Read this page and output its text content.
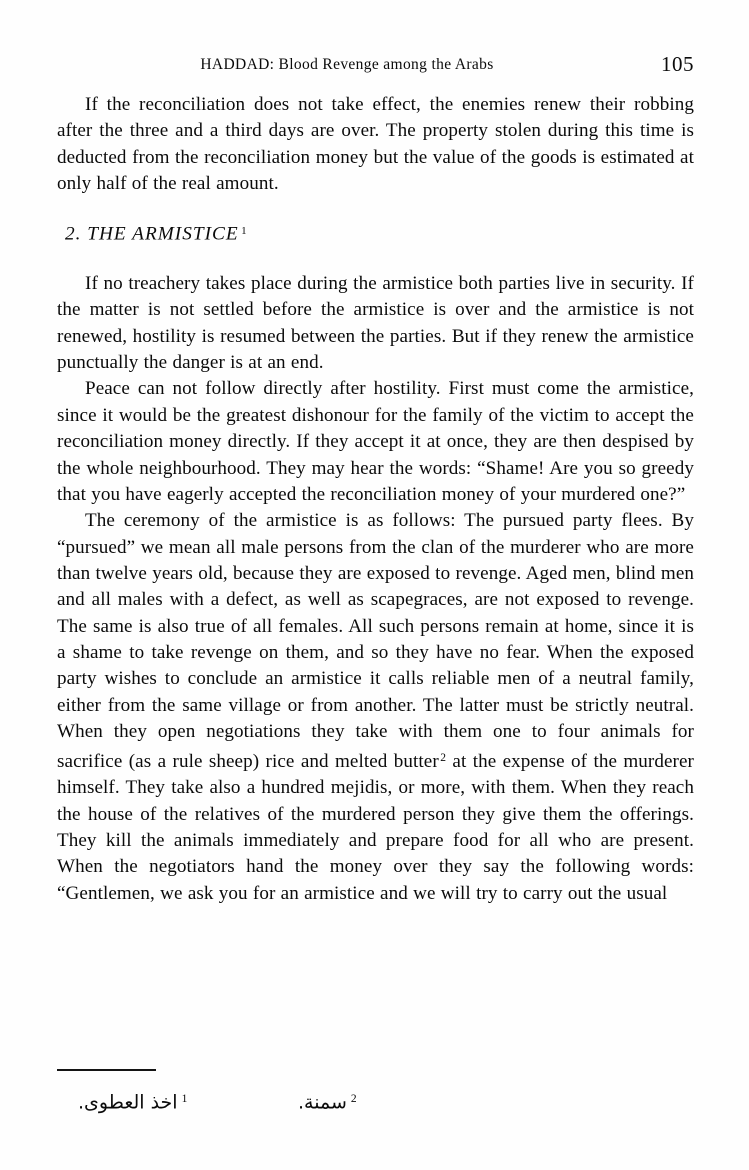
HADDAD: Blood Revenge among the Arabs	105

If the reconciliation does not take effect, the enemies renew their robbing after the three and a third days are over. The property stolen during this time is deducted from the reconciliation money but the value of the goods is estimated at only half of the real amount.

2. THE ARMISTICE $^1$

If no treachery takes place during the armistice both parties live in security. If the matter is not settled before the armistice is over and the armistice is not renewed, hostility is resumed between the parties. But if they renew the armistice punctually the danger is at an end.

Peace can not follow directly after hostility. First must come the armistice, since it would be the greatest dishonour for the family of the victim to accept the reconciliation money directly. If they accept it at once, they are then despised by the whole neighbourhood. They may hear the words: “Shame! Are you so greedy that you have eagerly accepted the reconciliation money of your murdered one?”

The ceremony of the armistice is as follows: The pursued party flees. By “pursued” we mean all male persons from the clan of the murderer who are more than twelve years old, because they are exposed to revenge. Aged men, blind men and all males with a defect, as well as scapegraces, are not exposed to revenge. The same is also true of all females. All such persons remain at home, since it is a shame to take revenge on them, and so they have no fear. When the exposed party wishes to conclude an armistice it calls reliable men of a neutral family, either from the same village or from another. The latter must be strictly neutral. When they open negotiations they take with them one to four animals for sacrifice (as a rule sheep) rice and melted butter $^2$ at the expense of the murderer himself. They take also a hundred mejidis, or more, with them. When they reach the house of the relatives of the murdered person they give them the offerings. They kill the animals immediately and prepare food for all who are present. When the negotiators hand the money over they say the following words: “Gentlemen, we ask you for an armistice and we will try to carry out the usual

$^1$اخذ العطوى.	$^2$سمنة.
